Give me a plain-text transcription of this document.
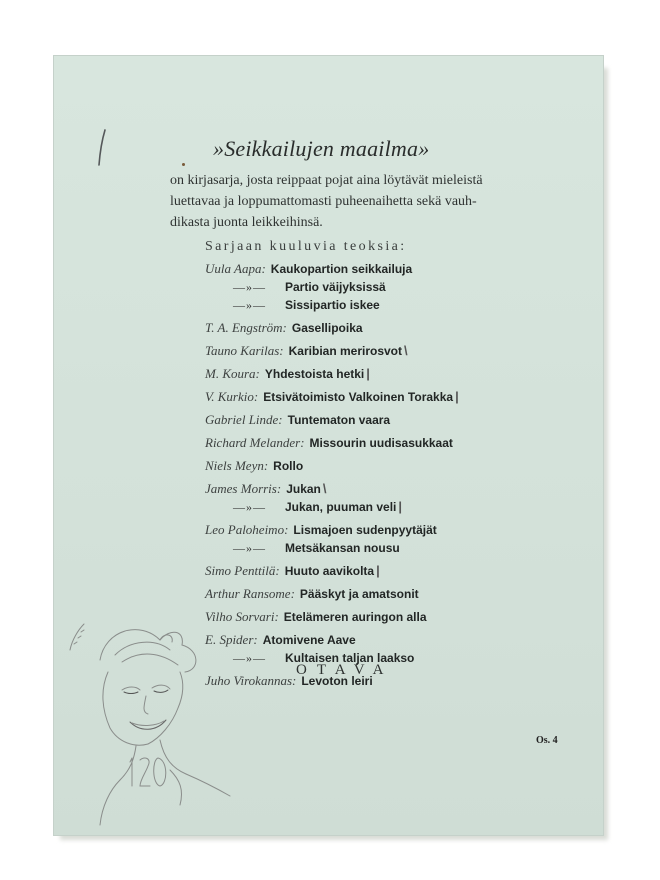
»Seikkailujen maailma»
on kirjasarja, josta reippaat pojat aina löytävät mieleistä
luettavaa ja loppumattomasti puheenaihetta sekä vauh-
dikasta juonta leikkeihinsä.
Sarjaan kuuluvia teoksia:
Uula Aapa: Kaukopartion seikkailuja
—»— Partio väijyksissä
—»— Sissipartio iskee
T. A. Engström: Gasellipoika
Tauno Karilas: Karibian merirosvot \
M. Koura: Yhdestoista hetki |
V. Kurkio: Etsivätoimisto Valkoinen Torakka |
Gabriel Linde: Tuntematon vaara
Richard Melander: Missourin uudisasukkaat
Niels Meyn: Rollo
James Morris: Jukan \
—»— Jukan, puuman veli |
Leo Paloheimo: Lismajoen sudenpyytäjät
—»— Metsäkansan nousu
Simo Penttilä: Huuto aavikolta |
Arthur Ransome: Pääskyt ja amatsonit
Vilho Sorvari: Etelämeren auringon alla
E. Spider: Atomivene Aave
—»— Kultaisen taljan laakso
Juho Virokannas: Levoton leiri
OTAVA
Os. 4
